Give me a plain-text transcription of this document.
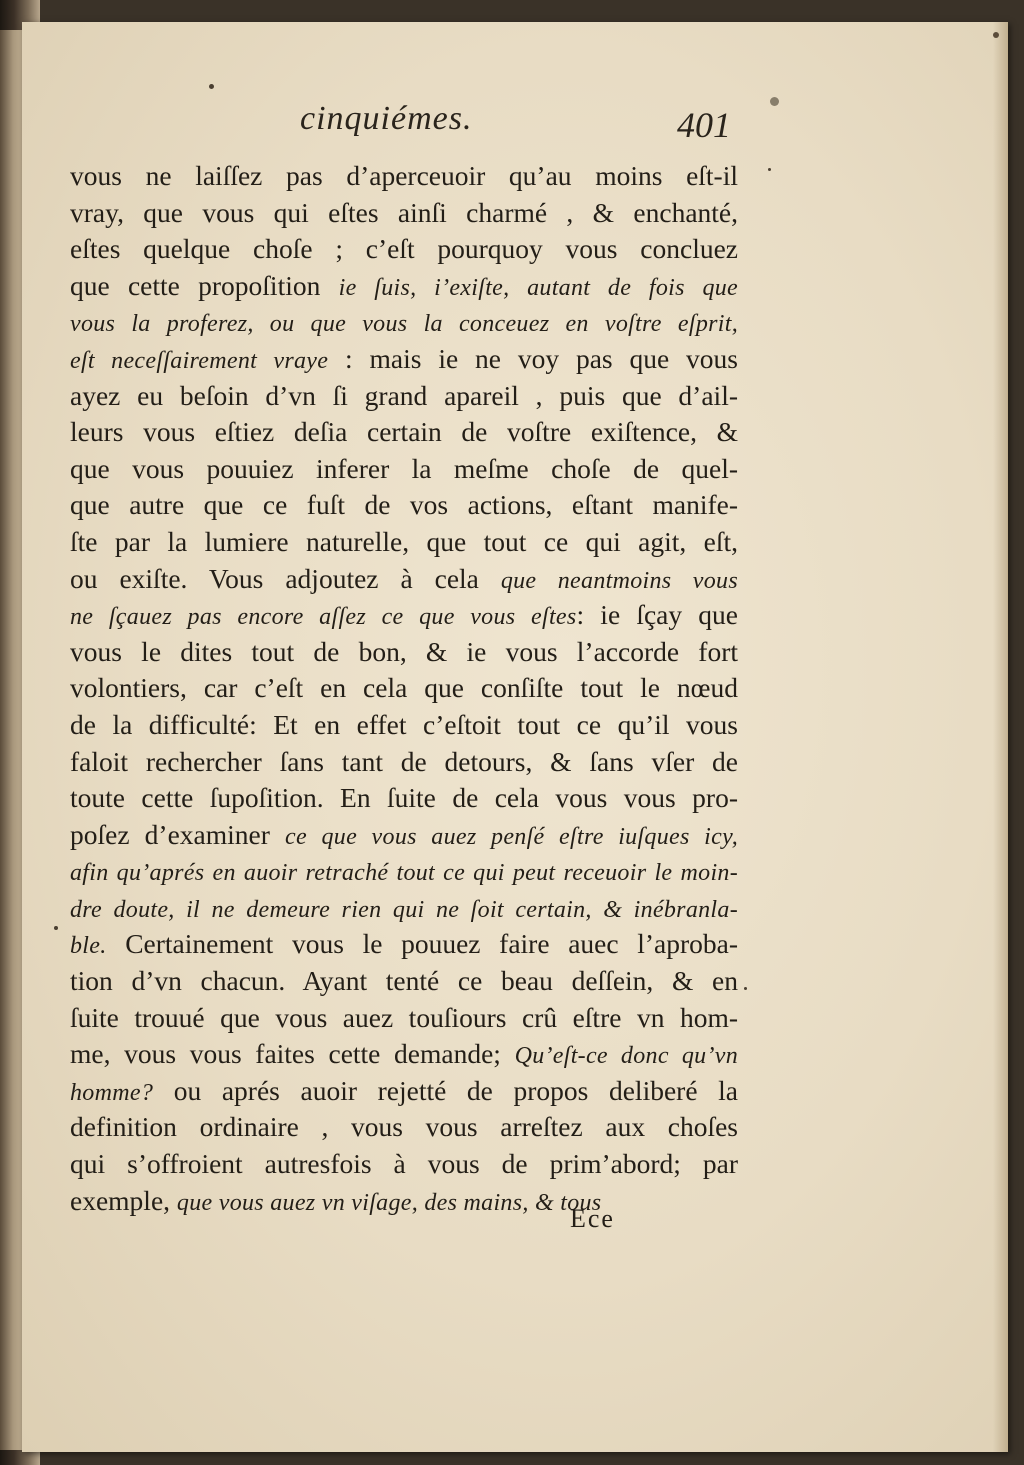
cinquiémes.	401
vous ne laiſſez pas d’aperceuoir qu’au moins eſt-il
vray, que vous qui eſtes ainſi charmé , & enchanté,
eſtes quelque choſe ; c’eſt pourquoy vous concluez
que cette propoſition ie ſuis, i’exiſte, autant de fois que
vous la proferez, ou que vous la conceuez en voſtre eſprit,
eſt neceſſairement vraye : mais ie ne voy pas que vous
ayez eu beſoin d’vn ſi grand apareil , puis que d’ail-
leurs vous eſtiez deſia certain de voſtre exiſtence, &
que vous pouuiez inferer la meſme choſe de quel-
que autre que ce fuſt de vos actions, eſtant manife-
ſte par la lumiere naturelle, que tout ce qui agit, eſt,
ou exiſte. Vous adjoutez à cela que neantmoins vous
ne ſçauez pas encore aſſez ce que vous eſtes: ie ſçay que
vous le dites tout de bon, & ie vous l’accorde fort
volontiers, car c’eſt en cela que conſiſte tout le nœud
de la difficulté: Et en effet c’eſtoit tout ce qu’il vous
faloit rechercher ſans tant de detours, & ſans vſer de
toute cette ſupoſition. En ſuite de cela vous vous pro-
poſez d’examiner ce que vous auez penſé eſtre iuſques icy,
afin qu’aprés en auoir retraché tout ce qui peut receuoir le moin-
dre doute, il ne demeure rien qui ne ſoit certain, & inébranla-
ble. Certainement vous le pouuez faire auec l’aproba-
tion d’vn chacun. Ayant tenté ce beau deſſein, & en
ſuite trouué que vous auez touſiours crû eſtre vn hom-
me, vous vous faites cette demande; Qu’eſt-ce donc qu’vn
homme? ou aprés auoir rejetté de propos deliberé la
definition ordinaire , vous vous arreſtez aux choſes
qui s’offroient autresfois à vous de prim’abord; par
exemple, que vous auez vn viſage, des mains, & tous
Ece
